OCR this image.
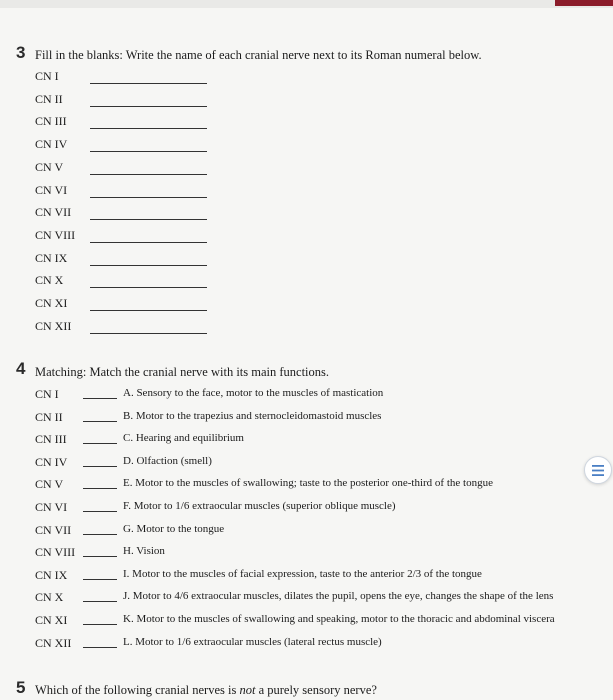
3 Fill in the blanks: Write the name of each cranial nerve next to its Roman numeral below.
CN I
CN II
CN III
CN IV
CN V
CN VI
CN VII
CN VIII
CN IX
CN X
CN XI
CN XII
4 Matching: Match the cranial nerve with its main functions.
CN I	A. Sensory to the face, motor to the muscles of mastication
CN II	B. Motor to the trapezius and sternocleidomastoid muscles
CN III	C. Hearing and equilibrium
CN IV	D. Olfaction (smell)
CN V	E. Motor to the muscles of swallowing; taste to the posterior one-third of the tongue
CN VI	F. Motor to 1/6 extraocular muscles (superior oblique muscle)
CN VII	G. Motor to the tongue
CN VIII	H. Vision
CN IX	I. Motor to the muscles of facial expression, taste to the anterior 2/3 of the tongue
CN X	J. Motor to 4/6 extraocular muscles, dilates the pupil, opens the eye, changes the shape of the lens
CN XI	K. Motor to the muscles of swallowing and speaking, motor to the thoracic and abdominal viscera
CN XII	L. Motor to 1/6 extraocular muscles (lateral rectus muscle)
5 Which of the following cranial nerves is not a purely sensory nerve?
